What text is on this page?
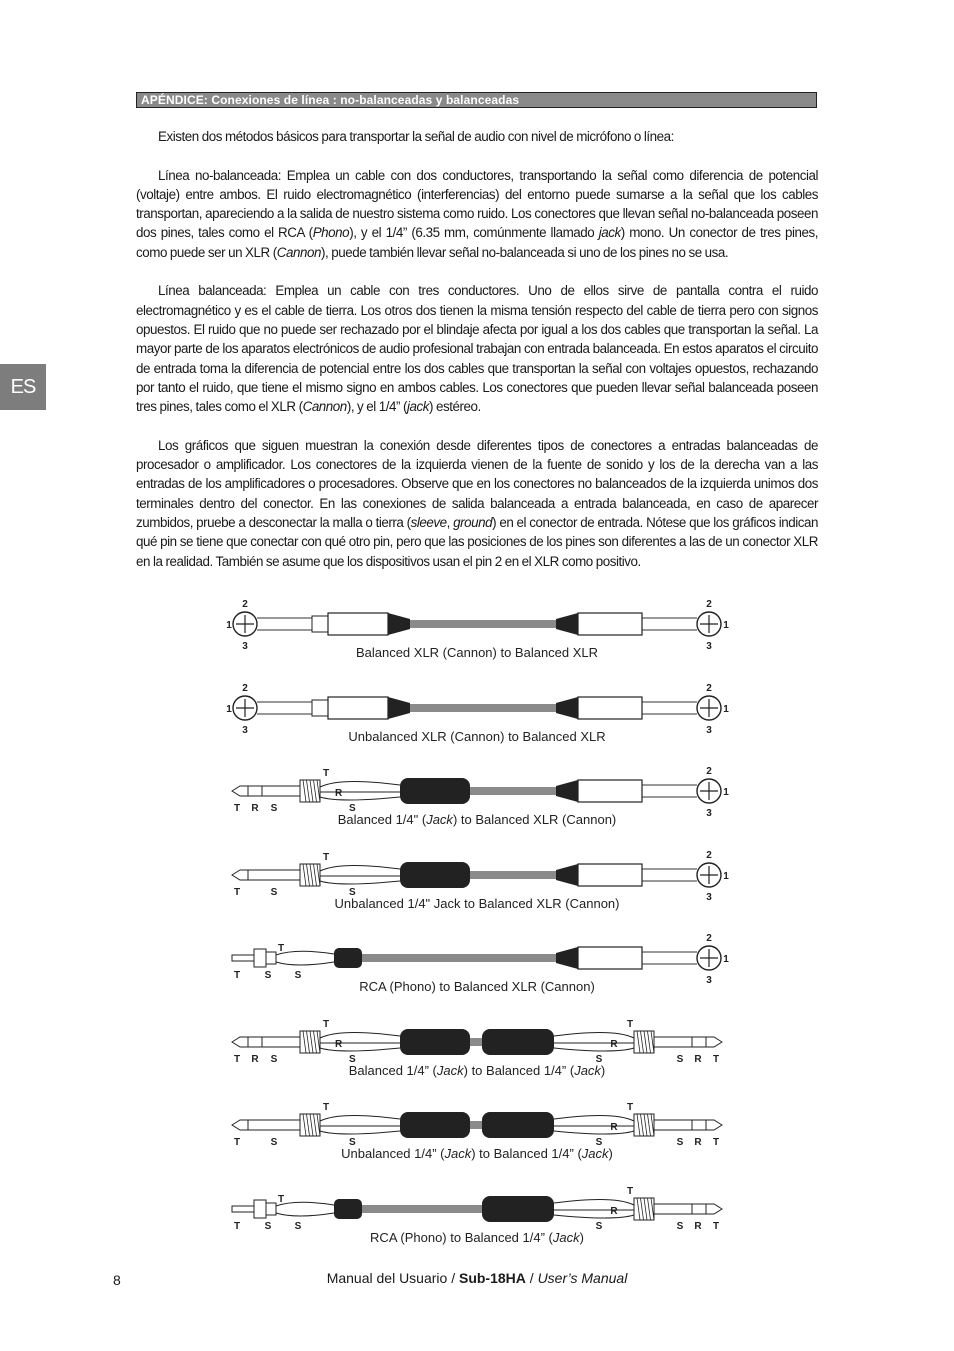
APÉNDICE: Conexiones de línea : no-balanceadas y balanceadas
ES

Existen dos métodos básicos para transportar la señal de audio con nivel de micrófono o línea:

Línea no-balanceada: Emplea un cable con dos conductores, transportando la señal como diferencia de potencial (voltaje) entre ambos. El ruido electromagnético (interferencias) del entorno puede sumarse a la señal que los cables transportan, apareciendo a la salida de nuestro sistema como ruido. Los conectores que llevan señal no-balanceada poseen dos pines, tales como el RCA (Phono), y el 1/4” (6.35 mm, comúnmente llamado jack) mono. Un conector de tres pines, como puede ser un XLR (Cannon), puede también llevar señal no-balanceada si uno de los pines no se usa.

Línea balanceada: Emplea un cable con tres conductores. Uno de ellos sirve de pantalla contra el ruido electromagnético y es el cable de tierra. Los otros dos tienen la misma tensión respecto del cable de tierra pero con signos opuestos. El ruido que no puede ser rechazado por el blindaje afecta por igual a los dos cables que transportan la señal. La mayor parte de los aparatos electrónicos de audio profesional trabajan con entrada balanceada. En estos aparatos el circuito de entrada toma la diferencia de potencial entre los dos cables que transportan la señal con voltajes opuestos, rechazando por tanto el ruido, que tiene el mismo signo en ambos cables. Los conectores que pueden llevar señal balanceada poseen tres pines, tales como el XLR (Cannon), y el 1/4” (jack) estéreo.

Los gráficos que siguen muestran la conexión desde diferentes tipos de conectores a entradas balanceadas de procesador o amplificador. Los conectores de la izquierda vienen de la fuente de sonido y los de la derecha van a las entradas de los amplificadores o procesadores. Observe que en los conectores no balanceados de la izquierda unimos dos terminales dentro del conector. En las conexiones de salida balanceada a entrada balanceada, en caso de aparecer zumbidos, pruebe a desconectar la malla o tierra (sleeve, ground) en el conector de entrada. Nótese que los gráficos indican qué pin se tiene que conectar con qué otro pin, pero que las posiciones de los pines son diferentes a las de un conector XLR en la realidad. También se asume que los dispositivos usan el pin 2 en el XLR como positivo.

2
1
3
2
1
3
Balanced XLR (Cannon) to Balanced XLR
2
1
3
2
1
3
Unbalanced XLR (Cannon) to Balanced XLR
T
R
S
T R S
2
1
3
Balanced 1/4" (Jack) to Balanced XLR (Cannon)
T
S
T	S
2
1
3
Unbalanced 1/4" Jack to Balanced XLR (Cannon)
T
S
T S
2
1
3
RCA (Phono) to Balanced XLR (Cannon)
T
R
S
T R S
T
R
S	S R T
Balanced 1/4” (Jack) to Balanced 1/4” (Jack)
T
S
T	S
T
R
S	S R T
Unbalanced 1/4” (Jack) to Balanced 1/4” (Jack)
T
S
T S
T
R
S	S R T
RCA (Phono) to Balanced 1/4” (Jack)
8	Manual del Usuario / Sub-18HA / User’s Manual
